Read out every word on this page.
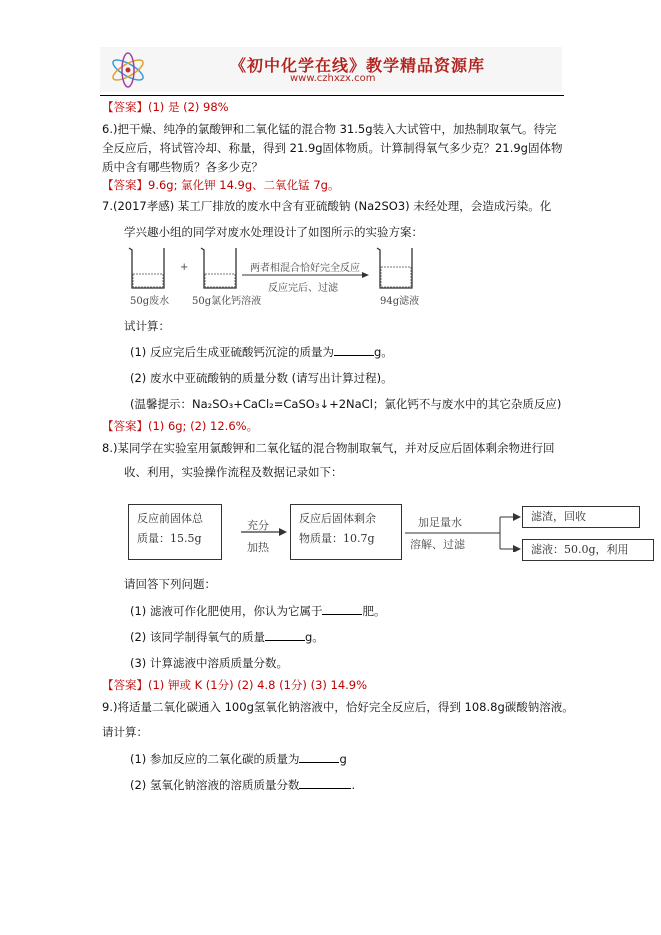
《初中化学在线》教学精品资源库
www.czhxzx.com
【答案】(1) 是 (2) 98%
6.)把干燥、纯净的氯酸钾和二氧化锰的混合物 31.5g装入大试管中，加热制取氧气。待完
全反应后，将试管冷却、称量，得到 21.9g固体物质。计算制得氧气多少克？21.9g固体物
质中含有哪些物质？各多少克？
【答案】9.6g; 氯化钾 14.9g、二氧化锰 7g。
7.(2017孝感) 某工厂排放的废水中含有亚硫酸钠 (Na2SO3) 未经处理，会造成污染。化
学兴趣小组的同学对废水处理设计了如图所示的实验方案：
50g废水
+
50g氯化钙溶液
两者相混合恰好完全反应
反应完后、过滤
94g滤液
试计算：
(1) 反应完后生成亚硫酸钙沉淀的质量为	g。
(2) 废水中亚硫酸钠的质量分数 (请写出计算过程)。
(温馨提示：Na₂SO₃+CaCl₂=CaSO₃↓+2NaCl；氯化钙不与废水中的其它杂质反应)
【答案】(1) 6g; (2) 12.6%。
8.)某同学在实验室用氯酸钾和二氧化锰的混合物制取氧气，并对反应后固体剩余物进行回
收、利用，实验操作流程及数据记录如下：
反应前固体总
质量：15.5g
充分
加热
反应后固体剩余
物质量：10.7g
加足量水
溶解、过滤
滤渣，回收
滤液：50.0g，利用
请回答下列问题：
(1) 滤液可作化肥使用，你认为它属于	肥。
(2) 该同学制得氧气的质量	g。
(3) 计算滤液中溶质质量分数。
【答案】(1) 钾或 K (1分) (2) 4.8 (1分) (3) 14.9%
9.)将适量二氧化碳通入 100g氢氧化钠溶液中，恰好完全反应后，得到 108.8g碳酸钠溶液。
请计算：
(1) 参加反应的二氧化碳的质量为	g
(2) 氢氧化钠溶液的溶质质量分数	.
